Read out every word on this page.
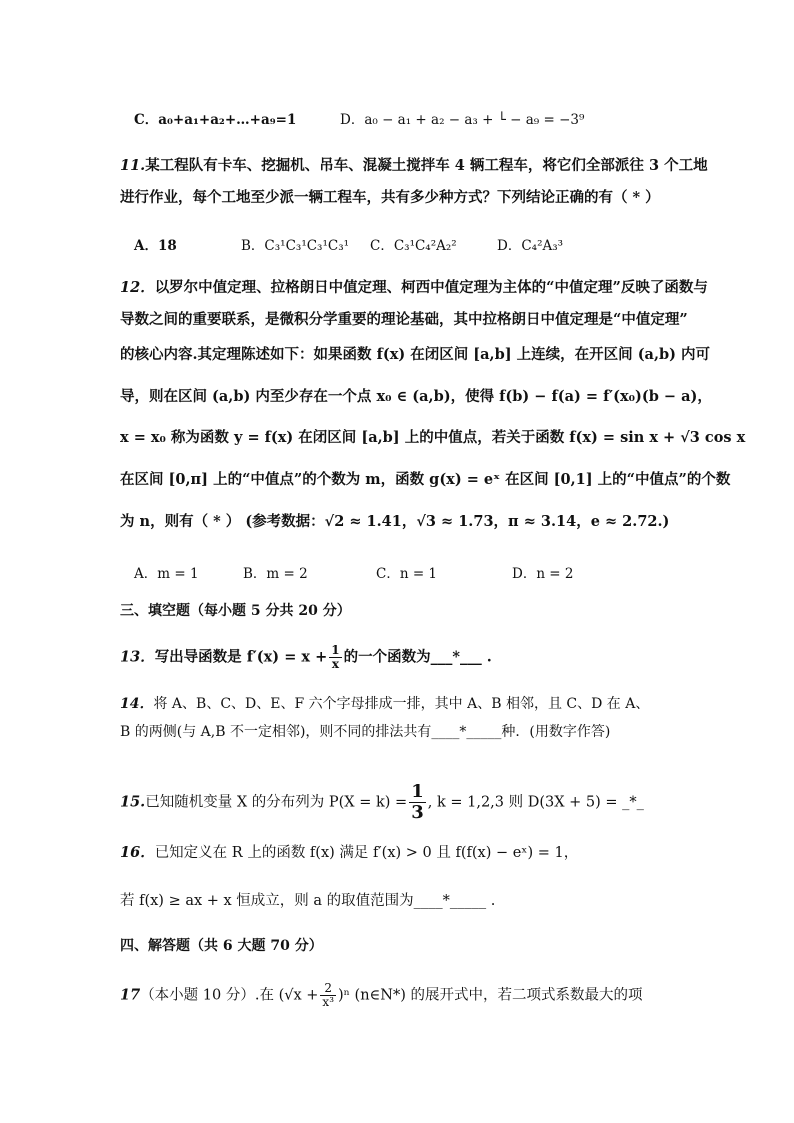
C．a₀+a₁+a₂+…+a₉=1	D．a₀ − a₁ + a₂ − a₃ + └ − a₉ = −3⁹
11.某工程队有卡车、挖掘机、吊车、混凝土搅拌车 4 辆工程车，将它们全部派往 3 个工地
进行作业，每个工地至少派一辆工程车，共有多少种方式？下列结论正确的有（ * ）
A．18	B．C₃¹C₃¹C₃¹C₃¹ C．C₃¹C₄²A₂²	D．C₄²A₃³
12．以罗尔中值定理、拉格朗日中值定理、柯西中值定理为主体的“中值定理”反映了函数与
导数之间的重要联系，是微积分学重要的理论基础，其中拉格朗日中值定理是“中值定理”
的核心内容.其定理陈述如下：如果函数 f(x) 在闭区间 [a,b] 上连续，在开区间 (a,b) 内可
导，则在区间 (a,b) 内至少存在一个点 x₀ ∈ (a,b)，使得 f(b) − f(a) = f′(x₀)(b − a)，
x = x₀ 称为函数 y = f(x) 在闭区间 [a,b] 上的中值点，若关于函数 f(x) = sin x + √3 cos x
在区间 [0,π] 上的“中值点”的个数为 m，函数 g(x) = eˣ 在区间 [0,1] 上的“中值点”的个数
为 n，则有（ * ） (参考数据：√2 ≈ 1.41，√3 ≈ 1.73，π ≈ 3.14，e ≈ 2.72.)
A．m = 1	B．m = 2	C．n = 1	D．n = 2
三、填空题（每小题 5 分共 20 分）
13．写出导函数是 $f'(x) = x + \frac{1}{x}$ 的一个函数为___*___ .
14．将 A、B、C、D、E、F 六个字母排成一排，其中 A、B 相邻，且 C、D 在 A、
B 的两侧(与 A,B 不一定相邻)，则不同的排法共有____*_____种．(用数字作答)
15.已知随机变量 X 的分布列为 $P(X = k) = \frac{1}{3}$ , k = 1,2,3 则 D(3X + 5) = _*_
16．已知定义在 R 上的函数 f(x) 满足 f′(x) > 0 且 f(f(x) − eˣ) = 1，
若 f(x) ≥ ax + x 恒成立，则 a 的取值范围为____*_____ .
四、解答题（共 6 大题 70 分）
17（本小题 10 分）.在 $(√x + \frac{2}{\text{x³}} )^n$ (n∈N*) 的展开式中，若二项式系数最大的项
